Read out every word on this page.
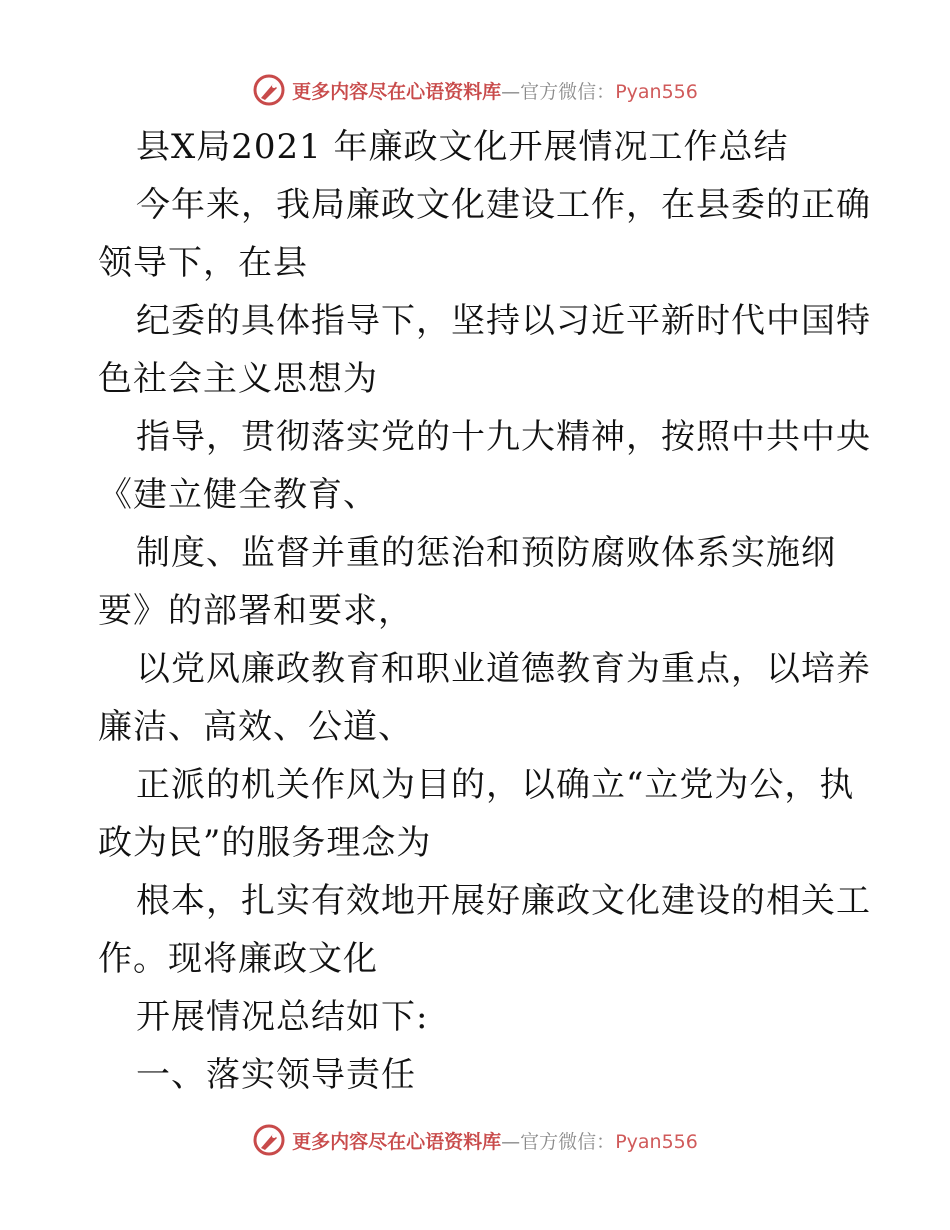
更多内容尽在心语资料库 — 官方微信： Pyan556
县X局2021 年廉政文化开展情况工作总结
今年来，我局廉政文化建设工作，在县委的正确
领导下，在县
纪委的具体指导下，坚持以习近平新时代中国特
色社会主义思想为
指导，贯彻落实党的十九大精神，按照中共中央
《建立健全教育、
制度、监督并重的惩治和预防腐败体系实施纲
要》的部署和要求，
以党风廉政教育和职业道德教育为重点，以培养
廉洁、高效、公道、
正派的机关作风为目的，以确立“立党为公，执
政为民”的服务理念为
根本，扎实有效地开展好廉政文化建设的相关工
作。现将廉政文化
开展情况总结如下:
一、落实领导责任
更多内容尽在心语资料库 — 官方微信： Pyan556
